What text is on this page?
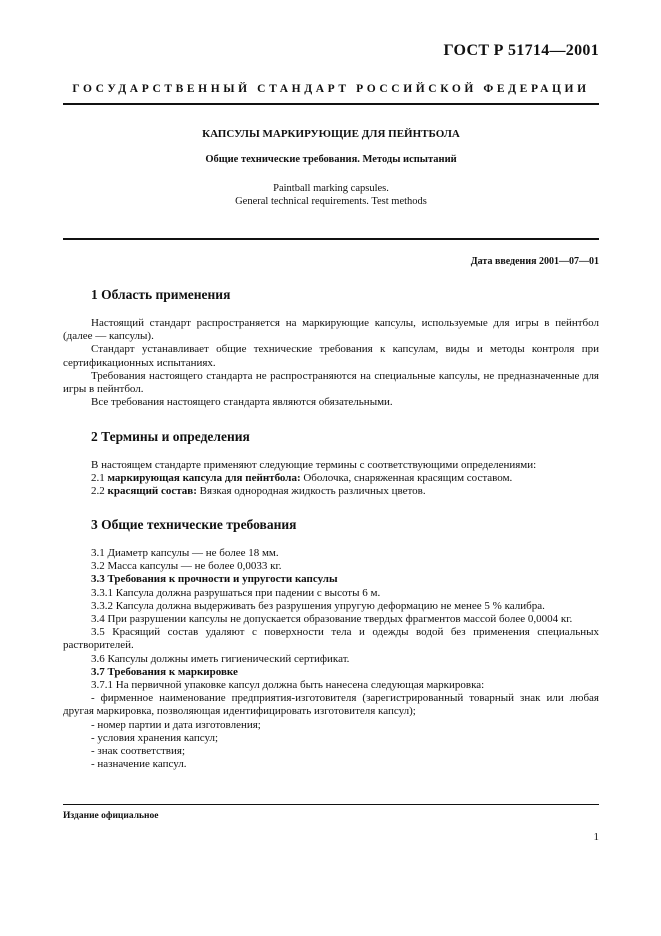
ГОСТ Р 51714—2001
ГОСУДАРСТВЕННЫЙ СТАНДАРТ РОССИЙСКОЙ ФЕДЕРАЦИИ
КАПСУЛЫ МАРКИРУЮЩИЕ ДЛЯ ПЕЙНТБОЛА
Общие технические требования. Методы испытаний
Paintball marking capsules.
General technical requirements. Test methods
Дата введения 2001—07—01
1 Область применения

Настоящий стандарт распространяется на маркирующие капсулы, используемые для игры в пейнтбол (далее — капсулы).

Стандарт устанавливает общие технические требования к капсулам, виды и методы контроля при сертификационных испытаниях.

Требования настоящего стандарта не распространяются на специальные капсулы, не предназначенные для игры в пейнтбол.

Все требования настоящего стандарта являются обязательными.

2 Термины и определения

В настоящем стандарте применяют следующие термины с соответствующими определениями:

2.1 маркирующая капсула для пейнтбола: Оболочка, снаряженная красящим составом.

2.2 красящий состав: Вязкая однородная жидкость различных цветов.

3 Общие технические требования

3.1 Диаметр капсулы — не более 18 мм.

3.2 Масса капсулы — не более 0,0033 кг.

3.3 Требования к прочности и упругости капсулы

3.3.1 Капсула должна разрушаться при падении с высоты 6 м.

3.3.2 Капсула должна выдерживать без разрушения упругую деформацию не менее 5 % калибра.

3.4 При разрушении капсулы не допускается образование твердых фрагментов массой более 0,0004 кг.

3.5 Красящий состав удаляют с поверхности тела и одежды водой без применения специальных растворителей.

3.6 Капсулы должны иметь гигиенический сертификат.

3.7 Требования к маркировке

3.7.1 На первичной упаковке капсул должна быть нанесена следующая маркировка:

- фирменное наименование предприятия-изготовителя (зарегистрированный товарный знак или любая другая маркировка, позволяющая идентифицировать изготовителя капсул);

- номер партии и дата изготовления;

- условия хранения капсул;

- знак соответствия;

- назначение капсул.

Издание официальное
1
